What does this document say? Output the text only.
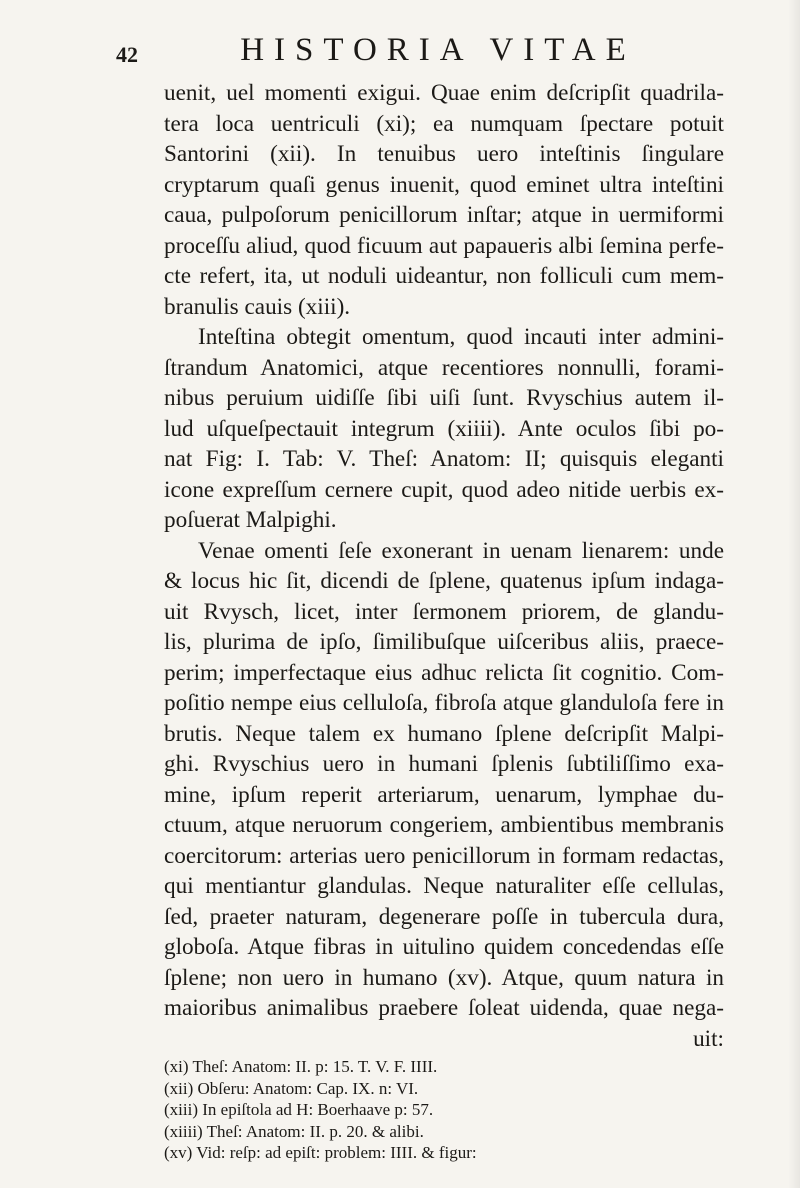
42	HISTORIA VITAE
uenit, uel momenti exigui. Quae enim deſcripſit quadrila-
tera loca uentriculi (xi); ea numquam ſpectare potuit
Santorini (xii). In tenuibus uero inteſtinis ſingulare
cryptarum quaſi genus inuenit, quod eminet ultra inteſtini
caua, pulpoſorum penicillorum inſtar; atque in uermiformi
proceſſu aliud, quod ficuum aut papaueris albi ſemina perfe-
cte refert, ita, ut noduli uideantur, non folliculi cum mem-
branulis cauis (xiii).
Inteſtina obtegit omentum, quod incauti inter admini-
ſtrandum Anatomici, atque recentiores nonnulli, forami-
nibus peruium uidiſſe ſibi uiſi ſunt. Rvyschius autem il-
lud uſqueſpectauit integrum (xiiii). Ante oculos ſibi po-
nat Fig: I. Tab: V. Theſ: Anatom: II; quisquis eleganti
icone expreſſum cernere cupit, quod adeo nitide uerbis ex-
poſuerat Malpighi.
Venae omenti ſeſe exonerant in uenam lienarem: unde
& locus hic ſit, dicendi de ſplene, quatenus ipſum indaga-
uit Rvysch, licet, inter ſermonem priorem, de glandu-
lis, plurima de ipſo, ſimilibuſque uiſceribus aliis, praece-
perim; imperfectaque eius adhuc relicta ſit cognitio. Com-
poſitio nempe eius celluloſa, fibroſa atque glanduloſa fere in
brutis. Neque talem ex humano ſplene deſcripſit Malpi-
ghi. Rvyschius uero in humani ſplenis ſubtiliſſimo exa-
mine, ipſum reperit arteriarum, uenarum, lymphae du-
ctuum, atque neruorum congeriem, ambientibus membranis
coercitorum: arterias uero penicillorum in formam redactas,
qui mentiantur glandulas. Neque naturaliter eſſe cellulas,
ſed, praeter naturam, degenerare poſſe in tubercula dura,
globoſa. Atque fibras in uitulino quidem concedendas eſſe
ſplene; non uero in humano (xv). Atque, quum natura in
maioribus animalibus praebere ſoleat uidenda, quae nega-
uit:
(xi) Theſ: Anatom: II. p: 15. T. V. F. IIII.
(xii) Obſeru: Anatom: Cap. IX. n: VI.
(xiii) In epiſtola ad H: Boerhaave p: 57.
(xiiii) Theſ: Anatom: II. p. 20. & alibi.
(xv) Vid: reſp: ad epiſt: problem: IIII. & figur:
